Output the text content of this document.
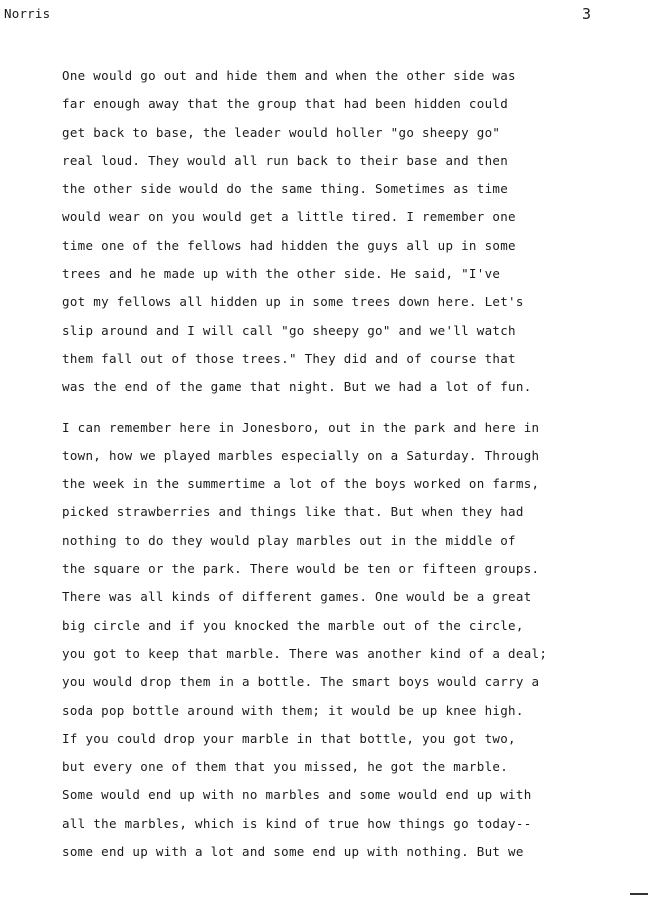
Norris	3
One would go out and hide them and when the other side was
far enough away that the group that had been hidden could
get back to base, the leader would holler "go sheepy go"
real loud. They would all run back to their base and then
the other side would do the same thing. Sometimes as time
would wear on you would get a little tired. I remember one
time one of the fellows had hidden the guys all up in some
trees and he made up with the other side. He said, "I've
got my fellows all hidden up in some trees down here. Let's
slip around and I will call "go sheepy go" and we'll watch
them fall out of those trees." They did and of course that
was the end of the game that night. But we had a lot of fun.
I can remember here in Jonesboro, out in the park and here in
town, how we played marbles especially on a Saturday. Through
the week in the summertime a lot of the boys worked on farms,
picked strawberries and things like that. But when they had
nothing to do they would play marbles out in the middle of
the square or the park. There would be ten or fifteen groups.
There was all kinds of different games. One would be a great
big circle and if you knocked the marble out of the circle,
you got to keep that marble. There was another kind of a deal;
you would drop them in a bottle. The smart boys would carry a
soda pop bottle around with them; it would be up knee high.
If you could drop your marble in that bottle, you got two,
but every one of them that you missed, he got the marble.
Some would end up with no marbles and some would end up with
all the marbles, which is kind of true how things go today--
some end up with a lot and some end up with nothing. But we
